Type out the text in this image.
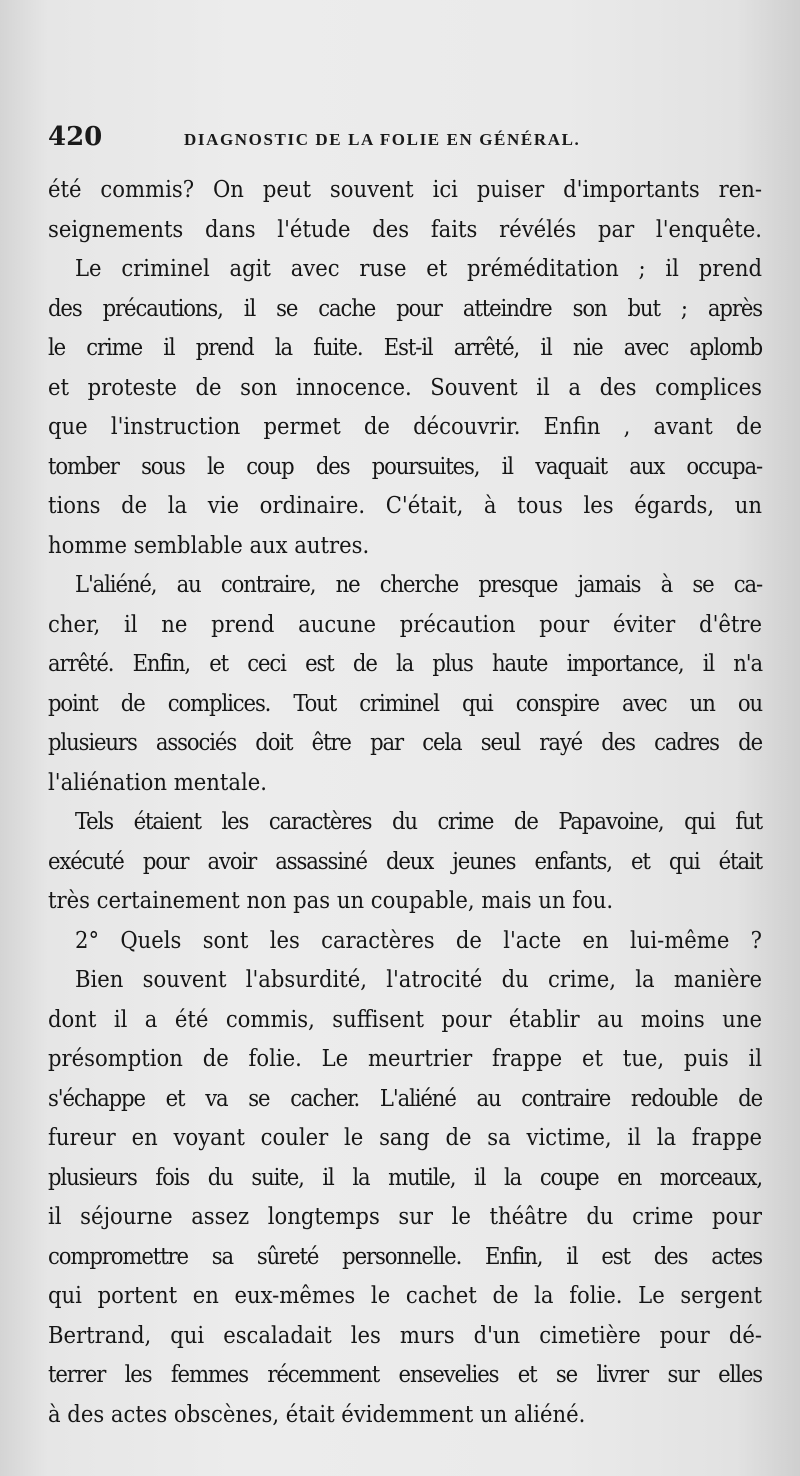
420	DIAGNOSTIC DE LA FOLIE EN GÉNÉRAL.
été commis? On peut souvent ici puiser d'importants ren-
seignements dans l'étude des faits révélés par l'enquête.
Le criminel agit avec ruse et préméditation ; il prend
des précautions, il se cache pour atteindre son but ; après
le crime il prend la fuite. Est-il arrêté, il nie avec aplomb
et proteste de son innocence. Souvent il a des complices
que l'instruction permet de découvrir. Enfin , avant de
tomber sous le coup des poursuites, il vaquait aux occupa-
tions de la vie ordinaire. C'était, à tous les égards, un
homme semblable aux autres.
L'aliéné, au contraire, ne cherche presque jamais à se ca-
cher, il ne prend aucune précaution pour éviter d'être
arrêté. Enfin, et ceci est de la plus haute importance, il n'a
point de complices. Tout criminel qui conspire avec un ou
plusieurs associés doit être par cela seul rayé des cadres de
l'aliénation mentale.
Tels étaient les caractères du crime de Papavoine, qui fut
exécuté pour avoir assassiné deux jeunes enfants, et qui était
très certainement non pas un coupable, mais un fou.
2° Quels sont les caractères de l'acte en lui-même ?
Bien souvent l'absurdité, l'atrocité du crime, la manière
dont il a été commis, suffisent pour établir au moins une
présomption de folie. Le meurtrier frappe et tue, puis il
s'échappe et va se cacher. L'aliéné au contraire redouble de
fureur en voyant couler le sang de sa victime, il la frappe
plusieurs fois du suite, il la mutile, il la coupe en morceaux,
il séjourne assez longtemps sur le théâtre du crime pour
compromettre sa sûreté personnelle. Enfin, il est des actes
qui portent en eux-mêmes le cachet de la folie. Le sergent
Bertrand, qui escaladait les murs d'un cimetière pour dé-
terrer les femmes récemment ensevelies et se livrer sur elles
à des actes obscènes, était évidemment un aliéné.
